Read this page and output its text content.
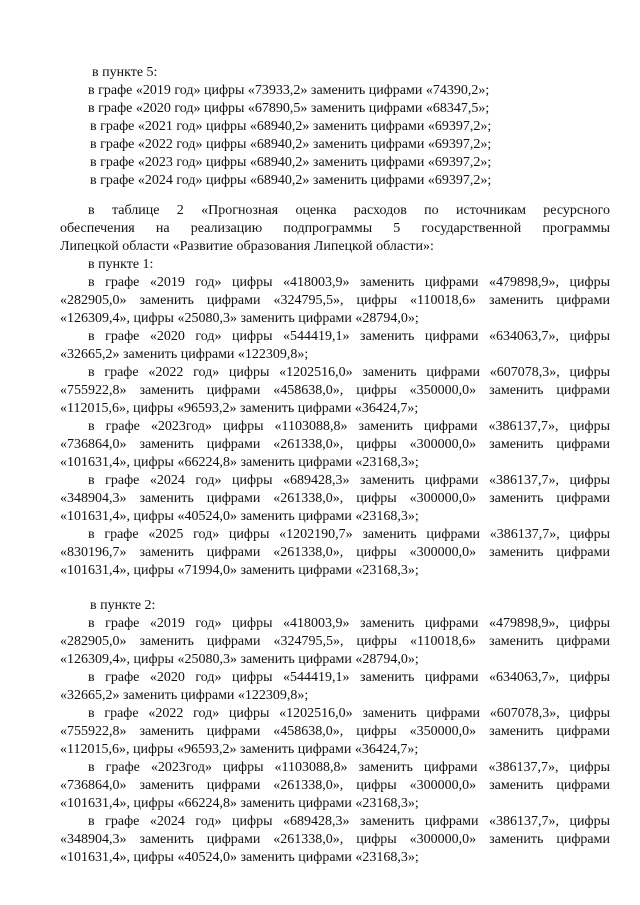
в пункте 5:
в графе «2019 год» цифры «73933,2» заменить цифрами «74390,2»;
в графе «2020 год» цифры «67890,5» заменить цифрами «68347,5»;
в графе «2021 год» цифры «68940,2» заменить цифрами «69397,2»;
в графе «2022 год» цифры «68940,2» заменить цифрами «69397,2»;
в графе «2023 год» цифры «68940,2» заменить цифрами «69397,2»;
в графе «2024 год» цифры «68940,2» заменить цифрами «69397,2»;
в таблице 2 «Прогнозная оценка расходов по источникам ресурсного
обеспечения на реализацию подпрограммы 5 государственной программы
Липецкой области «Развитие образования Липецкой области»:
в пункте 1:
в графе «2019 год» цифры «418003,9» заменить цифрами «479898,9», цифры
«282905,0» заменить цифрами «324795,5», цифры «110018,6» заменить цифрами
«126309,4», цифры «25080,3» заменить цифрами «28794,0»;
в графе «2020 год» цифры «544419,1» заменить цифрами «634063,7», цифры
«32665,2» заменить цифрами «122309,8»;
в графе «2022 год» цифры «1202516,0» заменить цифрами «607078,3», цифры
«755922,8» заменить цифрами «458638,0», цифры «350000,0» заменить цифрами
«112015,6», цифры «96593,2» заменить цифрами «36424,7»;
в графе «2023год» цифры «1103088,8» заменить цифрами «386137,7», цифры
«736864,0» заменить цифрами «261338,0», цифры «300000,0» заменить цифрами
«101631,4», цифры «66224,8» заменить цифрами «23168,3»;
в графе «2024 год» цифры «689428,3» заменить цифрами «386137,7», цифры
«348904,3» заменить цифрами «261338,0», цифры «300000,0» заменить цифрами
«101631,4», цифры «40524,0» заменить цифрами «23168,3»;
в графе «2025 год» цифры «1202190,7» заменить цифрами «386137,7», цифры
«830196,7» заменить цифрами «261338,0», цифры «300000,0» заменить цифрами
«101631,4», цифры «71994,0» заменить цифрами «23168,3»;
в пункте 2:
в графе «2019 год» цифры «418003,9» заменить цифрами «479898,9», цифры
«282905,0» заменить цифрами «324795,5», цифры «110018,6» заменить цифрами
«126309,4», цифры «25080,3» заменить цифрами «28794,0»;
в графе «2020 год» цифры «544419,1» заменить цифрами «634063,7», цифры
«32665,2» заменить цифрами «122309,8»;
в графе «2022 год» цифры «1202516,0» заменить цифрами «607078,3», цифры
«755922,8» заменить цифрами «458638,0», цифры «350000,0» заменить цифрами
«112015,6», цифры «96593,2» заменить цифрами «36424,7»;
в графе «2023год» цифры «1103088,8» заменить цифрами «386137,7», цифры
«736864,0» заменить цифрами «261338,0», цифры «300000,0» заменить цифрами
«101631,4», цифры «66224,8» заменить цифрами «23168,3»;
в графе «2024 год» цифры «689428,3» заменить цифрами «386137,7», цифры
«348904,3» заменить цифрами «261338,0», цифры «300000,0» заменить цифрами
«101631,4», цифры «40524,0» заменить цифрами «23168,3»;
